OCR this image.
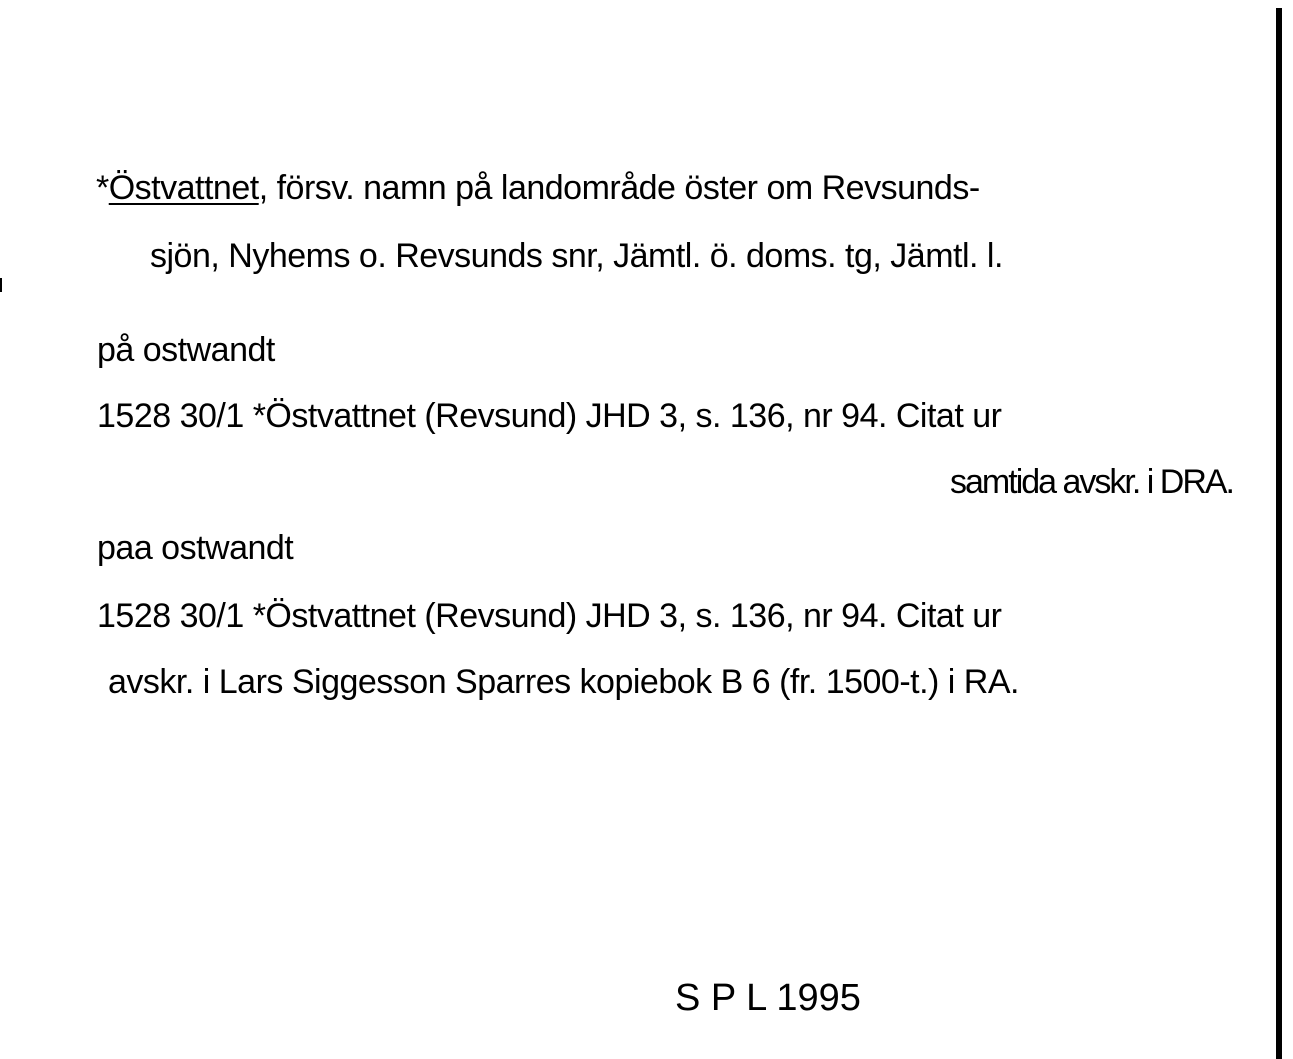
*Östvattnet, försv. namn på landområde öster om Revsunds-
sjön, Nyhems o. Revsunds snr, Jämtl. ö. doms. tg, Jämtl. l.
på ostwandt
1528 30/1 *Östvattnet (Revsund) JHD 3, s. 136, nr 94. Citat ur
samtida avskr. i DRA.
paa ostwandt
1528 30/1 *Östvattnet (Revsund) JHD 3, s. 136, nr 94. Citat ur
avskr. i Lars Siggesson Sparres kopiebok B 6 (fr. 1500-t.) i RA.
S P L 1995
